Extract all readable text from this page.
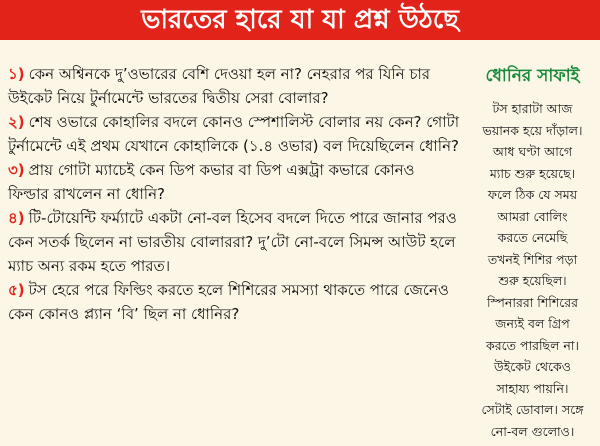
ভারতের হারে যা যা প্রশ্ন উঠছে

১) কেন অশ্বিনকে দু’ওভারের বেশি দেওয়া হল না? নেহরার পর যিনি চার উইকেট নিয়ে টুর্নামেন্টে ভারতের দ্বিতীয় সেরা বোলার?

২) শেষ ওভারে কোহালির বদলে কোনও স্পেশালিস্ট বোলার নয় কেন? গোটা টুর্নামেন্টে এই প্রথম যেখানে কোহালিকে (১.৪ ওভার) বল দিয়েছিলেন ধোনি?

৩) প্রায় গোটা ম্যাচেই কেন ডিপ কভার বা ডিপ এক্সট্রা কভারে কোনও ফিল্ডার রাখলেন না ধোনি?

৪) টি-টোয়েন্টি ফর্ম্যাটে একটা নো-বল হিসেব বদলে দিতে পারে জানার পরও কেন সতর্ক ছিলেন না ভারতীয় বোলাররা? দু’টো নো-বলে সিমন্স আউট হলে ম্যাচ অন্য রকম হতে পারত।

৫) টস হেরে পরে ফিল্ডিং করতে হলে শিশিরের সমস্যা থাকতে পারে জেনেও কেন কোনও প্ল্যান ‘বি’ ছিল না ধোনির?

ধোনির সাফাই
টস হারাটা আজ
ভয়ানক হয়ে দাঁড়াল।
আধ ঘণ্টা আগে
ম্যাচ শুরু হয়েছে।
ফলে ঠিক যে সময়
আমরা বোলিং
করতে নেমেছি
তখনই শিশির পড়া
শুরু হয়েছিল।
স্পিনাররা শিশিরের
জন্যই বল গ্রিপ
করতে পারছিল না।
উইকেট থেকেও
সাহায্য পায়নি।
সেটাই ডোবাল। সঙ্গে
নো-বল গুলোও।
